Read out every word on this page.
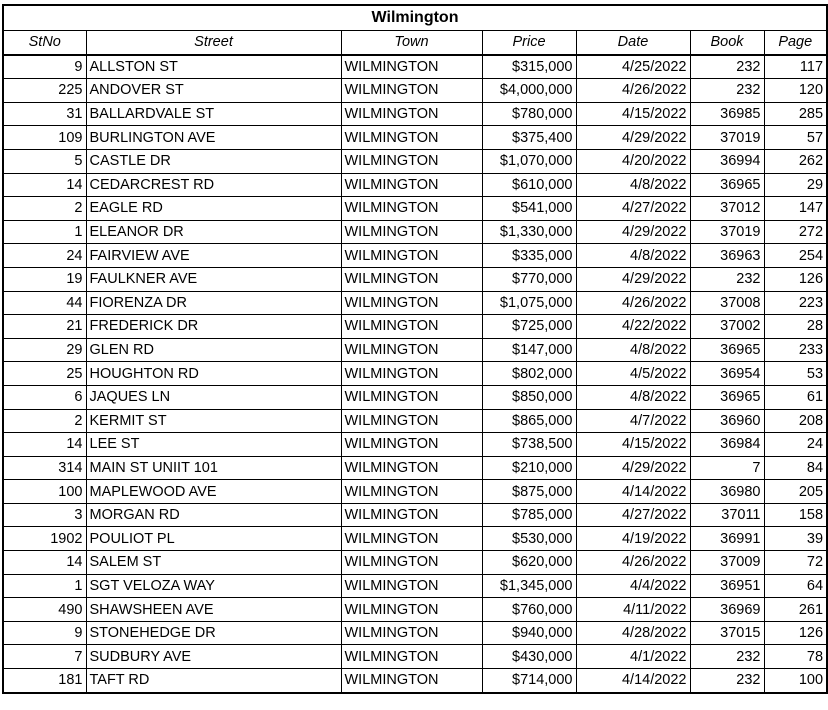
Wilmington						
StNo	Street	Town	Price	Date	Book	Page
9	ALLSTON ST	WILMINGTON	$315,000	4/25/2022	232	117
225	ANDOVER ST	WILMINGTON	$4,000,000	4/26/2022	232	120
31	BALLARDVALE ST	WILMINGTON	$780,000	4/15/2022	36985	285
109	BURLINGTON AVE	WILMINGTON	$375,400	4/29/2022	37019	57
5	CASTLE DR	WILMINGTON	$1,070,000	4/20/2022	36994	262
14	CEDARCREST RD	WILMINGTON	$610,000	4/8/2022	36965	29
2	EAGLE RD	WILMINGTON	$541,000	4/27/2022	37012	147
1	ELEANOR DR	WILMINGTON	$1,330,000	4/29/2022	37019	272
24	FAIRVIEW AVE	WILMINGTON	$335,000	4/8/2022	36963	254
19	FAULKNER AVE	WILMINGTON	$770,000	4/29/2022	232	126
44	FIORENZA DR	WILMINGTON	$1,075,000	4/26/2022	37008	223
21	FREDERICK DR	WILMINGTON	$725,000	4/22/2022	37002	28
29	GLEN RD	WILMINGTON	$147,000	4/8/2022	36965	233
25	HOUGHTON RD	WILMINGTON	$802,000	4/5/2022	36954	53
6	JAQUES LN	WILMINGTON	$850,000	4/8/2022	36965	61
2	KERMIT ST	WILMINGTON	$865,000	4/7/2022	36960	208
14	LEE ST	WILMINGTON	$738,500	4/15/2022	36984	24
314	MAIN ST UNIIT 101	WILMINGTON	$210,000	4/29/2022	7	84
100	MAPLEWOOD AVE	WILMINGTON	$875,000	4/14/2022	36980	205
3	MORGAN RD	WILMINGTON	$785,000	4/27/2022	37011	158
1902	POULIOT PL	WILMINGTON	$530,000	4/19/2022	36991	39
14	SALEM ST	WILMINGTON	$620,000	4/26/2022	37009	72
1	SGT VELOZA WAY	WILMINGTON	$1,345,000	4/4/2022	36951	64
490	SHAWSHEEN AVE	WILMINGTON	$760,000	4/11/2022	36969	261
9	STONEHEDGE DR	WILMINGTON	$940,000	4/28/2022	37015	126
7	SUDBURY AVE	WILMINGTON	$430,000	4/1/2022	232	78
181	TAFT RD	WILMINGTON	$714,000	4/14/2022	232	100
